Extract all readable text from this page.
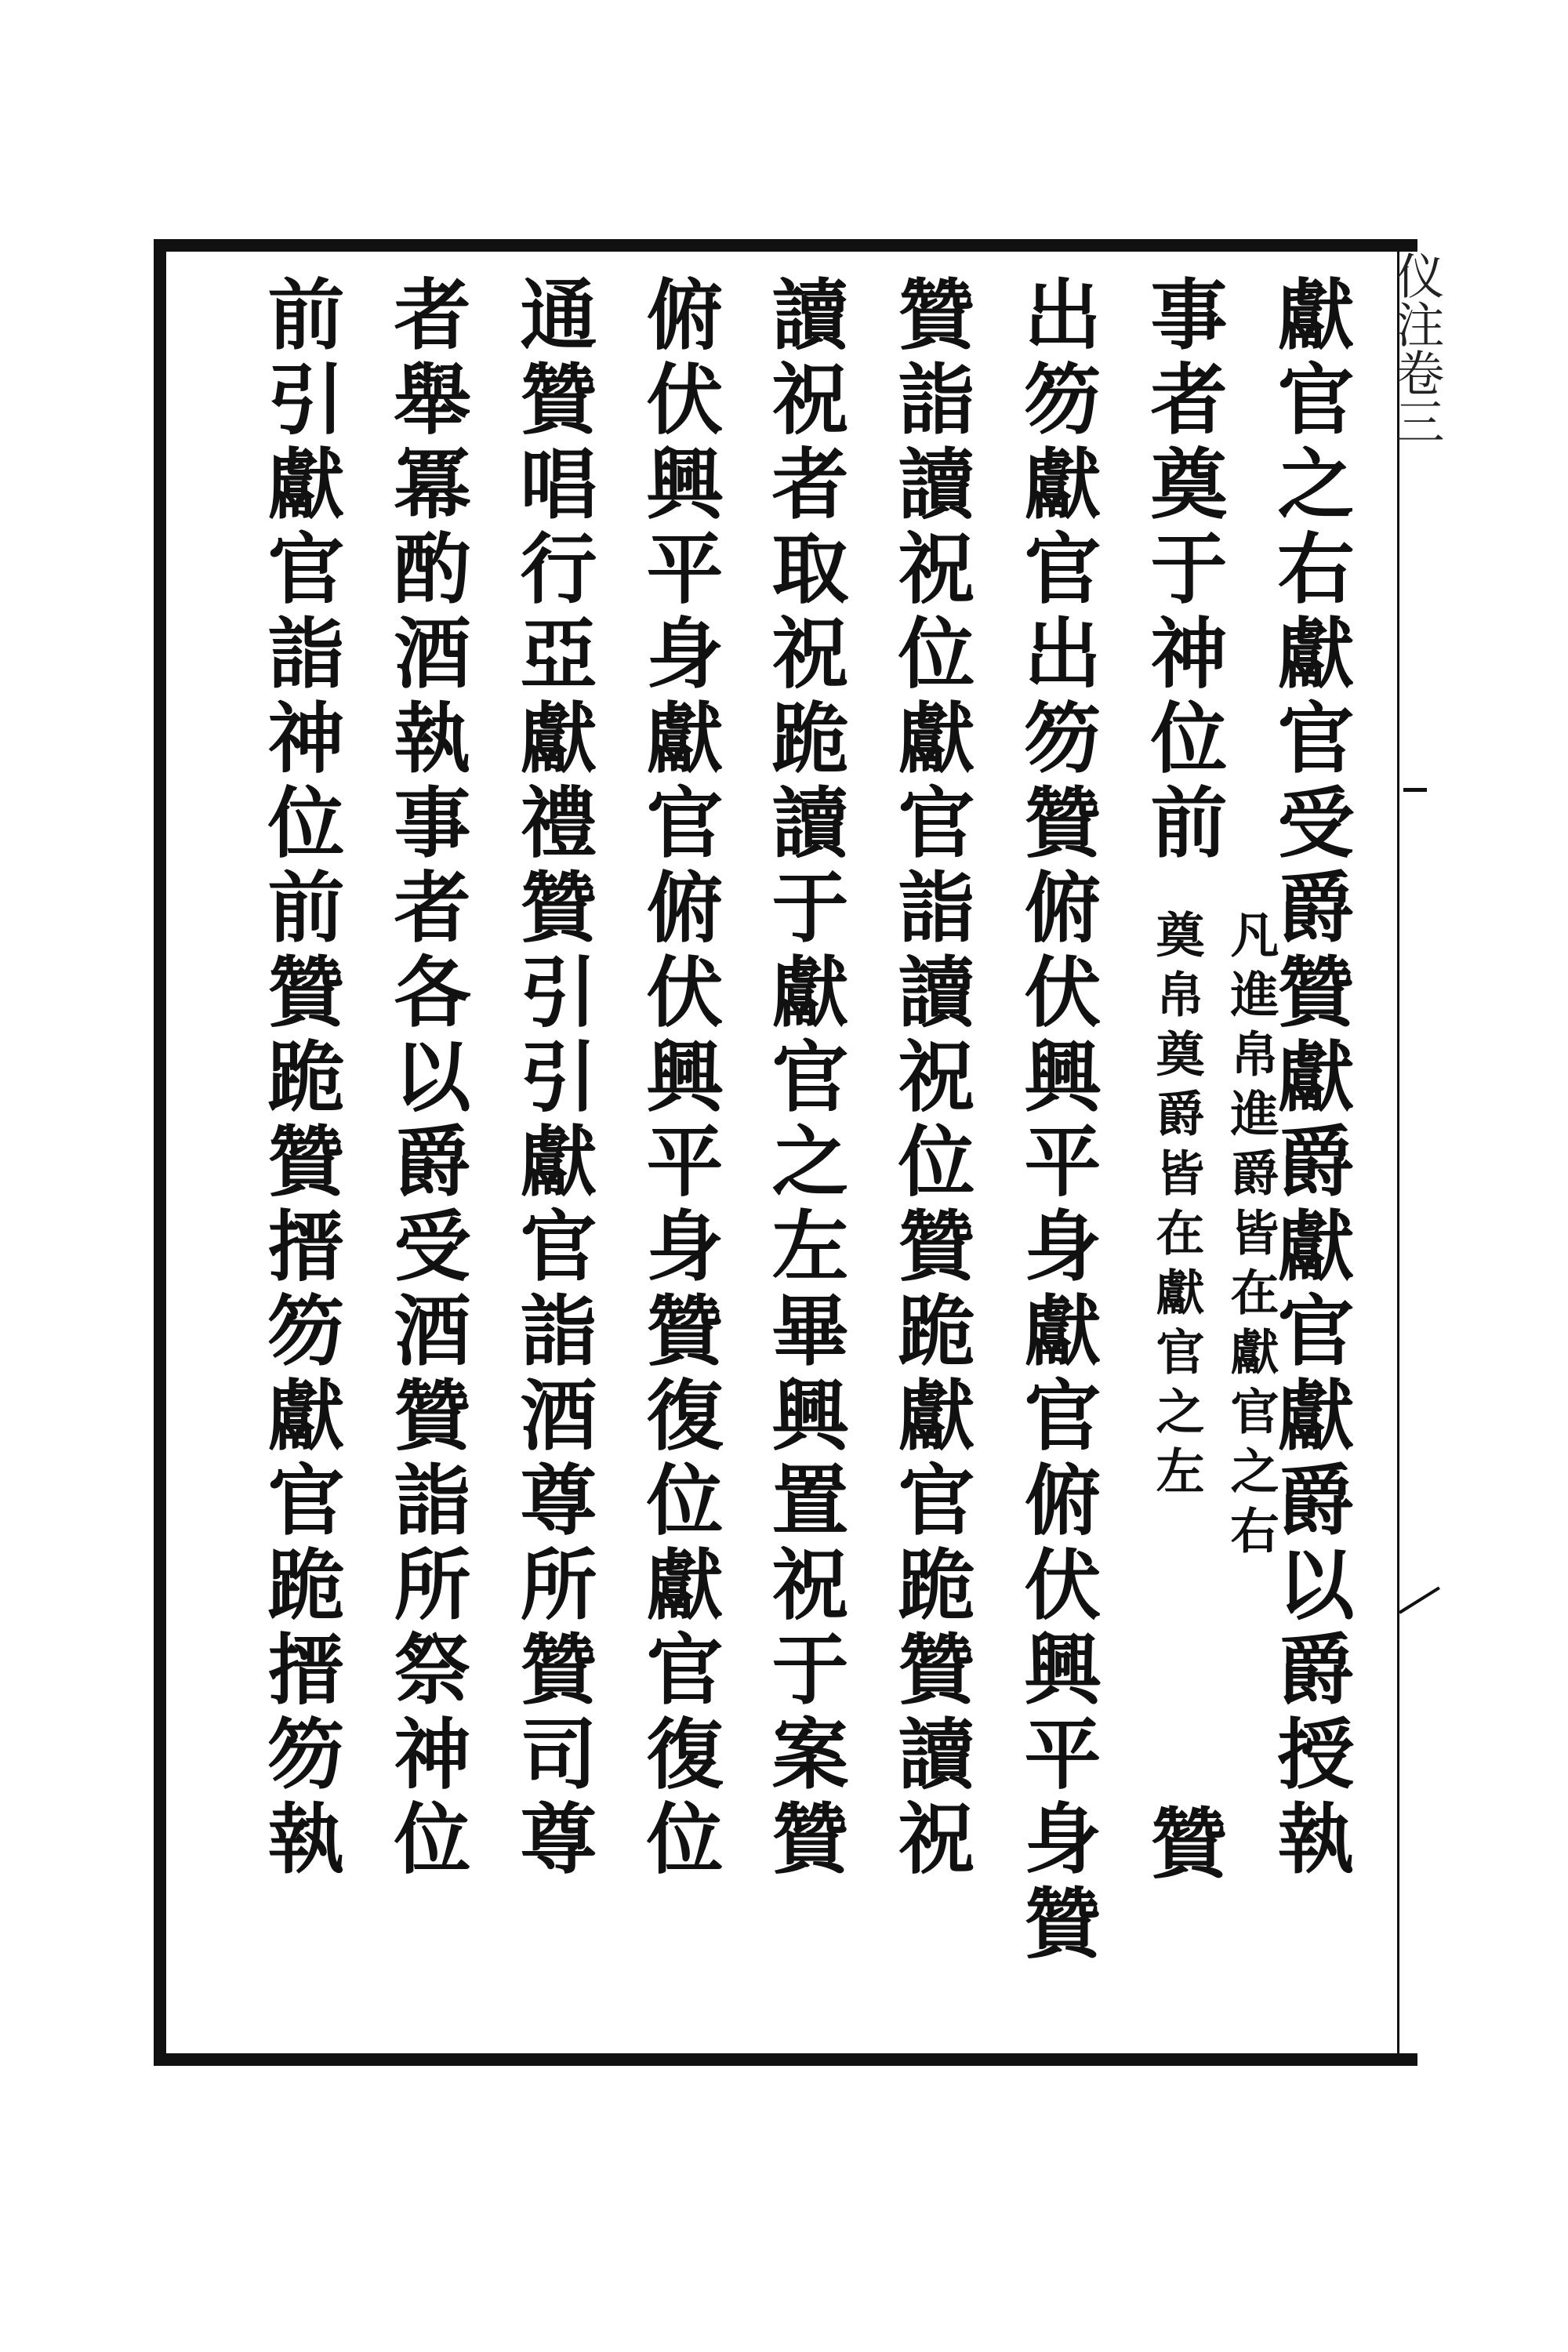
仪注卷三
獻官之右獻官受爵贊獻爵獻官獻爵以爵授執
事者奠于神位前
凡進帛進爵皆在獻官之右
奠帛奠爵皆在獻官之左
贊
出笏獻官出笏贊俯伏興平身獻官俯伏興平身贊
贊詣讀祝位獻官詣讀祝位贊跪獻官跪贊讀祝
讀祝者取祝跪讀于獻官之左畢興置祝于案贊
俯伏興平身獻官俯伏興平身贊復位獻官復位
通贊唱行亞獻禮贊引引獻官詣酒尊所贊司尊
者舉冪酌酒執事者各以爵受酒贊詣所祭神位
前引獻官詣神位前贊跪贊搢笏獻官跪搢笏執
